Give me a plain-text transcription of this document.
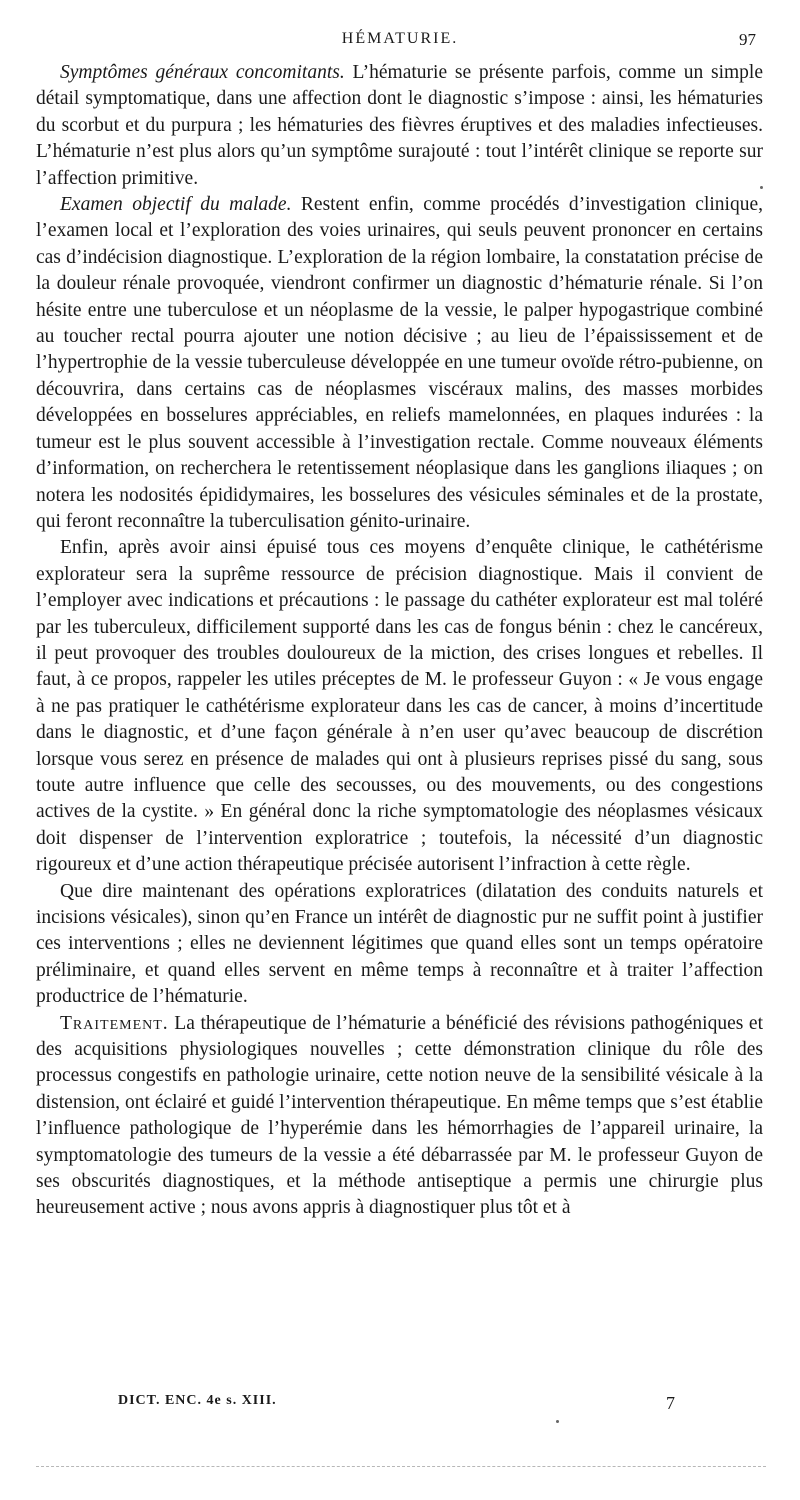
HÉMATURIE.	97

Symptômes généraux concomitants. L’hématurie se présente parfois, comme un simple détail symptomatique, dans une affection dont le diagnostic s’impose : ainsi, les hématuries du scorbut et du purpura ; les hématuries des fièvres éruptives et des maladies infectieuses. L’hématurie n’est plus alors qu’un symptôme surajouté : tout l’intérêt clinique se reporte sur l’affection primitive.

Examen objectif du malade. Restent enfin, comme procédés d’investigation clinique, l’examen local et l’exploration des voies urinaires, qui seuls peuvent prononcer en certains cas d’indécision diagnostique. L’exploration de la région lombaire, la constatation précise de la douleur rénale provoquée, viendront confirmer un diagnostic d’hématurie rénale. Si l’on hésite entre une tuberculose et un néoplasme de la vessie, le palper hypogastrique combiné au toucher rectal pourra ajouter une notion décisive ; au lieu de l’épaississement et de l’hypertrophie de la vessie tuberculeuse développée en une tumeur ovoïde rétro-pubienne, on découvrira, dans certains cas de néoplasmes viscéraux malins, des masses morbides développées en bosselures appréciables, en reliefs mamelonnées, en plaques indurées : la tumeur est le plus souvent accessible à l’investigation rectale. Comme nouveaux éléments d’information, on recherchera le retentissement néoplasique dans les ganglions iliaques ; on notera les nodosités épididymaires, les bosselures des vésicules séminales et de la prostate, qui feront reconnaître la tuberculisation génito-urinaire.

Enfin, après avoir ainsi épuisé tous ces moyens d’enquête clinique, le cathétérisme explorateur sera la suprême ressource de précision diagnostique. Mais il convient de l’employer avec indications et précautions : le passage du cathéter explorateur est mal toléré par les tuberculeux, difficilement supporté dans les cas de fongus bénin : chez le cancéreux, il peut provoquer des troubles douloureux de la miction, des crises longues et rebelles. Il faut, à ce propos, rappeler les utiles préceptes de M. le professeur Guyon : « Je vous engage à ne pas pratiquer le cathétérisme explorateur dans les cas de cancer, à moins d’incertitude dans le diagnostic, et d’une façon générale à n’en user qu’avec beaucoup de discrétion lorsque vous serez en présence de malades qui ont à plusieurs reprises pissé du sang, sous toute autre influence que celle des secousses, ou des mouvements, ou des congestions actives de la cystite. » En général donc la riche symptomatologie des néoplasmes vésicaux doit dispenser de l’intervention exploratrice ; toutefois, la nécessité d’un diagnostic rigoureux et d’une action thérapeutique précisée autorisent l’infraction à cette règle.

Que dire maintenant des opérations exploratrices (dilatation des conduits naturels et incisions vésicales), sinon qu’en France un intérêt de diagnostic pur ne suffit point à justifier ces interventions ; elles ne deviennent légitimes que quand elles sont un temps opératoire préliminaire, et quand elles servent en même temps à reconnaître et à traiter l’affection productrice de l’hématurie.

Traitement. La thérapeutique de l’hématurie a bénéficié des révisions pathogéniques et des acquisitions physiologiques nouvelles ; cette démonstration clinique du rôle des processus congestifs en pathologie urinaire, cette notion neuve de la sensibilité vésicale à la distension, ont éclairé et guidé l’intervention thérapeutique. En même temps que s’est établie l’influence pathologique de l’hyperémie dans les hémorrhagies de l’appareil urinaire, la symptomatologie des tumeurs de la vessie a été débarrassée par M. le professeur Guyon de ses obscurités diagnostiques, et la méthode antiseptique a permis une chirurgie plus heureusement active ; nous avons appris à diagnostiquer plus tôt et à

DICT. ENC. 4e s. XIII.	7
